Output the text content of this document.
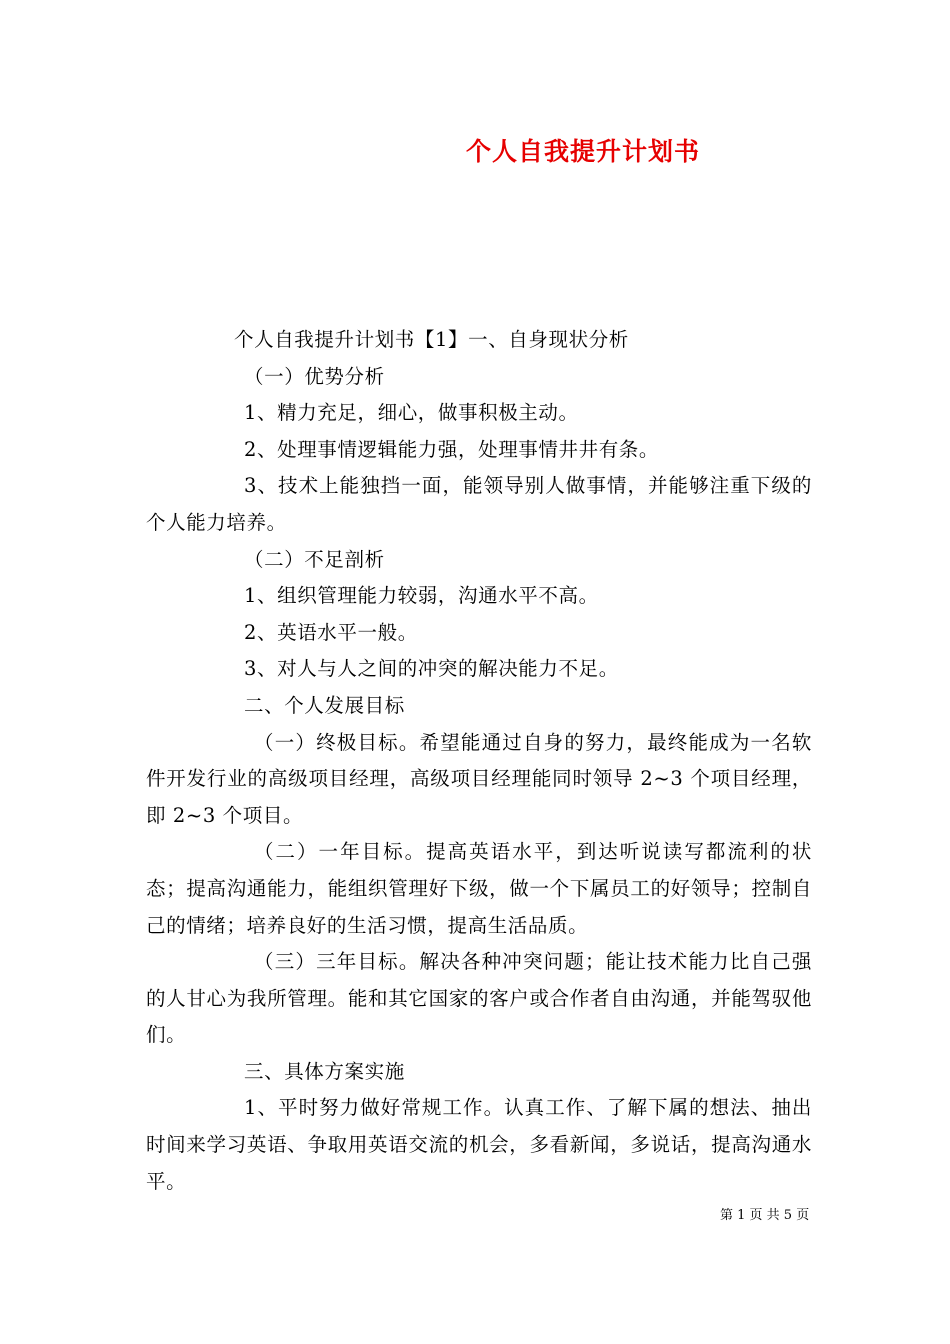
个人自我提升计划书

个人自我提升计划书【1】一、自身现状分析

（一）优势分析

1、精力充足，细心，做事积极主动。

2、处理事情逻辑能力强，处理事情井井有条。

3、技术上能独挡一面，能领导别人做事情，并能够注重下级的个人能力培养。

（二）不足剖析

1、组织管理能力较弱，沟通水平不高。

2、英语水平一般。

3、对人与人之间的冲突的解决能力不足。

二、个人发展目标

（一）终极目标。希望能通过自身的努力，最终能成为一名软件开发行业的高级项目经理，高级项目经理能同时领导 2~3 个项目经理，即 2~3 个项目。

（二）一年目标。提高英语水平，到达听说读写都流利的状态；提高沟通能力，能组织管理好下级，做一个下属员工的好领导；控制自己的情绪；培养良好的生活习惯，提高生活品质。

（三）三年目标。解决各种冲突问题；能让技术能力比自己强的人甘心为我所管理。能和其它国家的客户或合作者自由沟通，并能驾驭他们。

三、具体方案实施

1、平时努力做好常规工作。认真工作、了解下属的想法、抽出时间来学习英语、争取用英语交流的机会，多看新闻，多说话，提高沟通水平。

第 1 页 共 5 页
